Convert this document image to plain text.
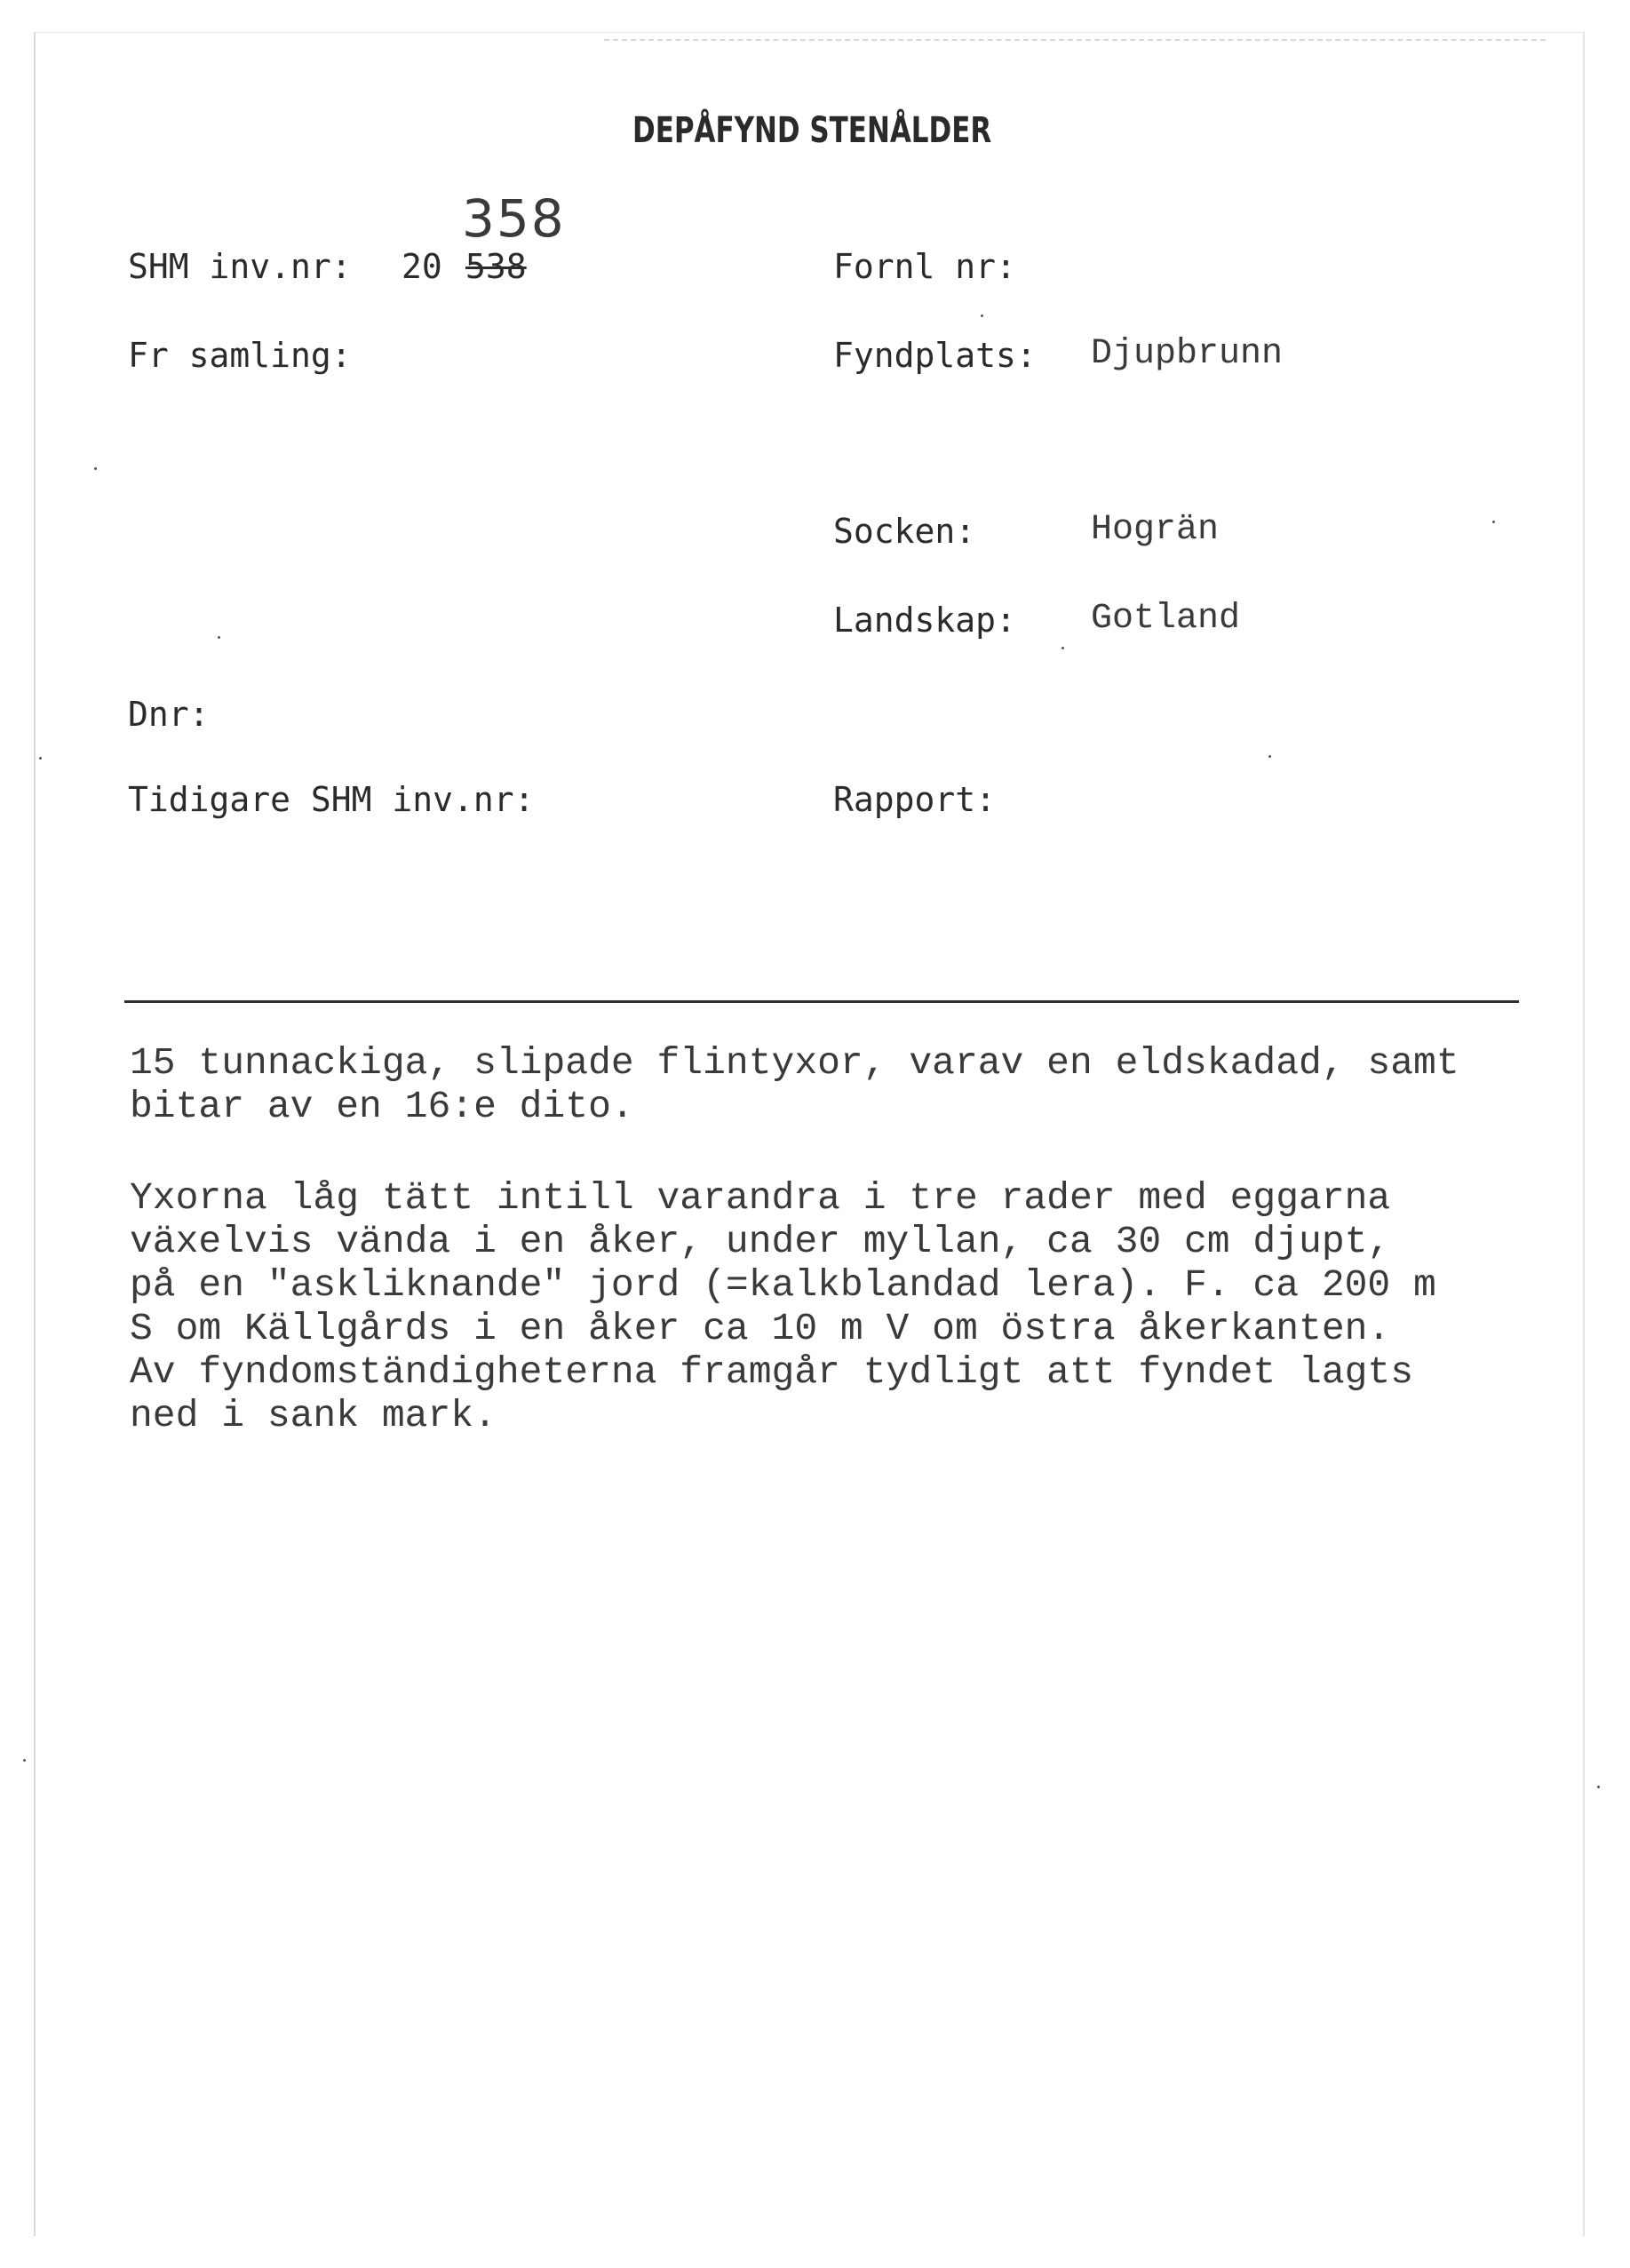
DEPÅFYND STENÅLDER
SHM inv.nr: 20 538
358
Fornl nr:
Fr samling:	Fyndplats: Djupbrunn
Socken:	Hogrän
Landskap: Gotland
Dnr:
Tidigare SHM inv.nr:	Rapport:
15 tunnackiga, slipade flintyxor, varav en eldskadad, samt
bitar av en 16:e dito.
Yxorna låg tätt intill varandra i tre rader med eggarna
växelvis vända i en åker, under myllan, ca 30 cm djupt,
på en "askliknande" jord (=kalkblandad lera). F. ca 200 m
S om Källgårds i en åker ca 10 m V om östra åkerkanten.
Av fyndomständigheterna framgår tydligt att fyndet lagts
ned i sank mark.
